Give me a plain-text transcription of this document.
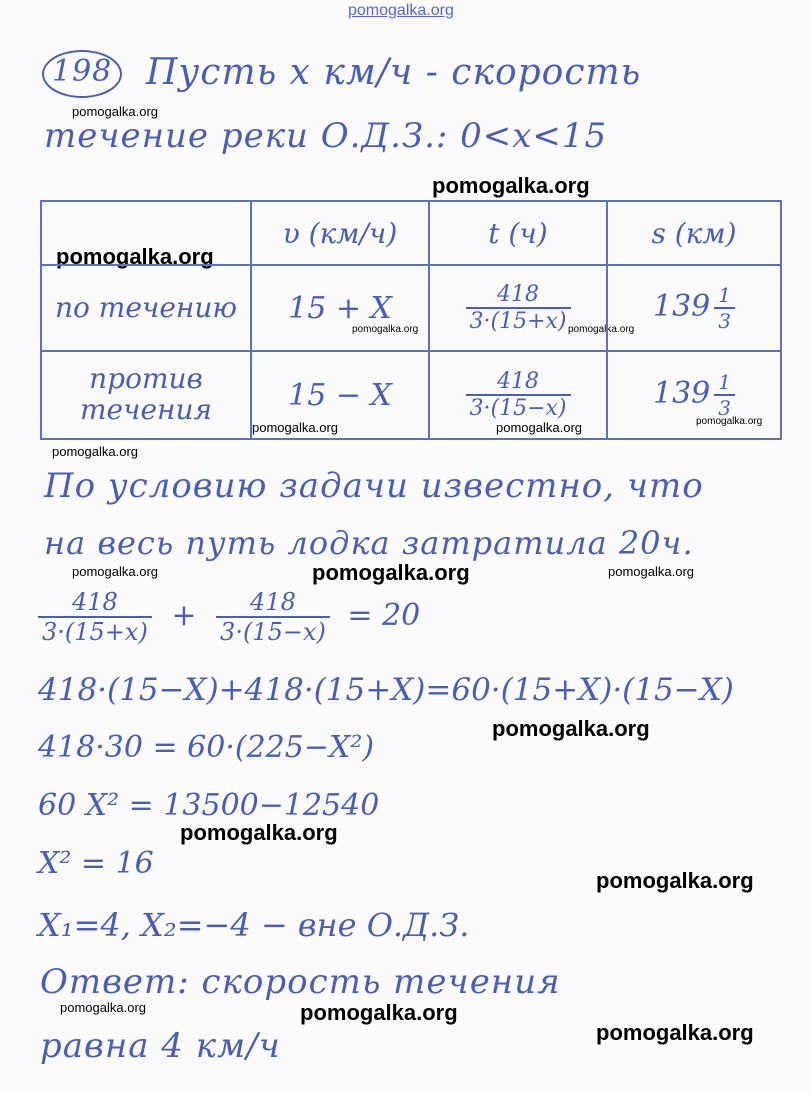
pomogalka.org
pomogalka.org
pomogalka.org
pomogalka.org
pomogalka.org	pomogalka.org
pomogalka.org	pomogalka.org	pomogalka.org
pomogalka.org
pomogalka.org	pomogalka.org	pomogalka.org
pomogalka.org
pomogalka.org
pomogalka.org
pomogalka.org	pomogalka.org
pomogalka.org
198 Пусть x км/ч - скорость
течение реки О.Д.З.: 0<x<15
	υ (км/ч)	t (ч)	s (км)
по течению	15 + X	$\frac{418}{3\cdot(15+x)}$	$139 \frac{1}{3}$

против течения	15 − X	$\frac{418}{3\cdot(15-x)}$	$139 \frac{1}{3}$
По условию задачи известно, что
на весь путь лодка затратила 20ч.
$\frac{418}{3\cdot(15+x)} + \frac{418}{3\cdot(15-x)} = 20$
418·(15−X)+418·(15+X)=60·(15+X)·(15−X)
418·30 = 60·(225−X²)
60 X² = 13500−12540
X² = 16
X₁=4, X₂=−4 − вне О.Д.З.
Ответ: скорость течения
равна 4 км/ч
